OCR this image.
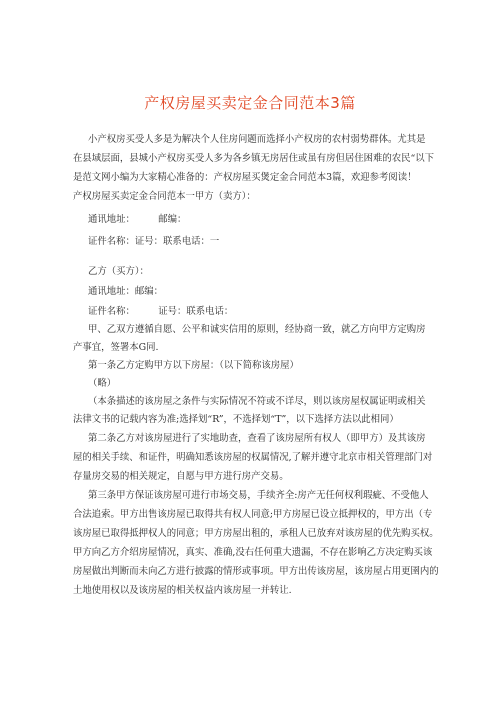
产权房屋买卖定金合同范本3篇
小产权房买受人多是为解决个人住房问题而选择小产权房的农村弱势群体。尤其是
在县域层面，县城小产权房买受人多为各乡镇无房居住或虽有房但居住困难的农民“以下
是范文网小编为大家精心准备的：产权房屋买煲定金合同范本3篇，欢迎参考阅读！
产权房屋买卖定金合同范本一甲方（卖方）：
通讯地址：　　　邮编：
证件名称：证号：联系电话：一
乙方（买方）：
通讯地址：邮编：
证件名称：　　　证号：联系电话：
甲、乙双方遵循自愿、公平和诚实信用的原则，经协商一致，就乙方向甲方定购房
产事宜，签署本G同.
第一条乙方定购甲方以下房屋：（以下简称该房屋）
（略）
（本条描述的该房屋之条件与实际情况不符或不详尽，则以该房屋权属证明或相关
法律文书的记载内容为准;选择划“R”，不选择划“T”，以下选择方法以此相同）
第二条乙方对该房屋进行了实地助查，查看了该房屋所有权人（即甲方）及其该房
屋的相关手续、和证件，明确知悉该房屋的权属情况,了解并遵守北京市相关管理部门对
存量房交易的相关规定，自愿与甲方进行房产交易。
第三条甲方保证该房屋可进行市场交易，手续齐全:房产无任何权利瑕疵、不受他人
合法追索。甲方出售该房屋已取得共有权人同意;甲方房屋已设立抵押权的，甲方出（专
该房屋已取得抵押权人的同意；甲方房屋出租的，承租人已放弃对该房屋的优先购买权。
甲方向乙方介绍房屋情况，真实、准确,没右任何重大遗漏，不存在影响乙方决定购买该
房屋做出判断而未向乙方进行披露的情形或事项。甲方出传该房屋，该房屋占用更圉内的
土地使用权以及该房屋的相关权益内该房屋一并转让.
